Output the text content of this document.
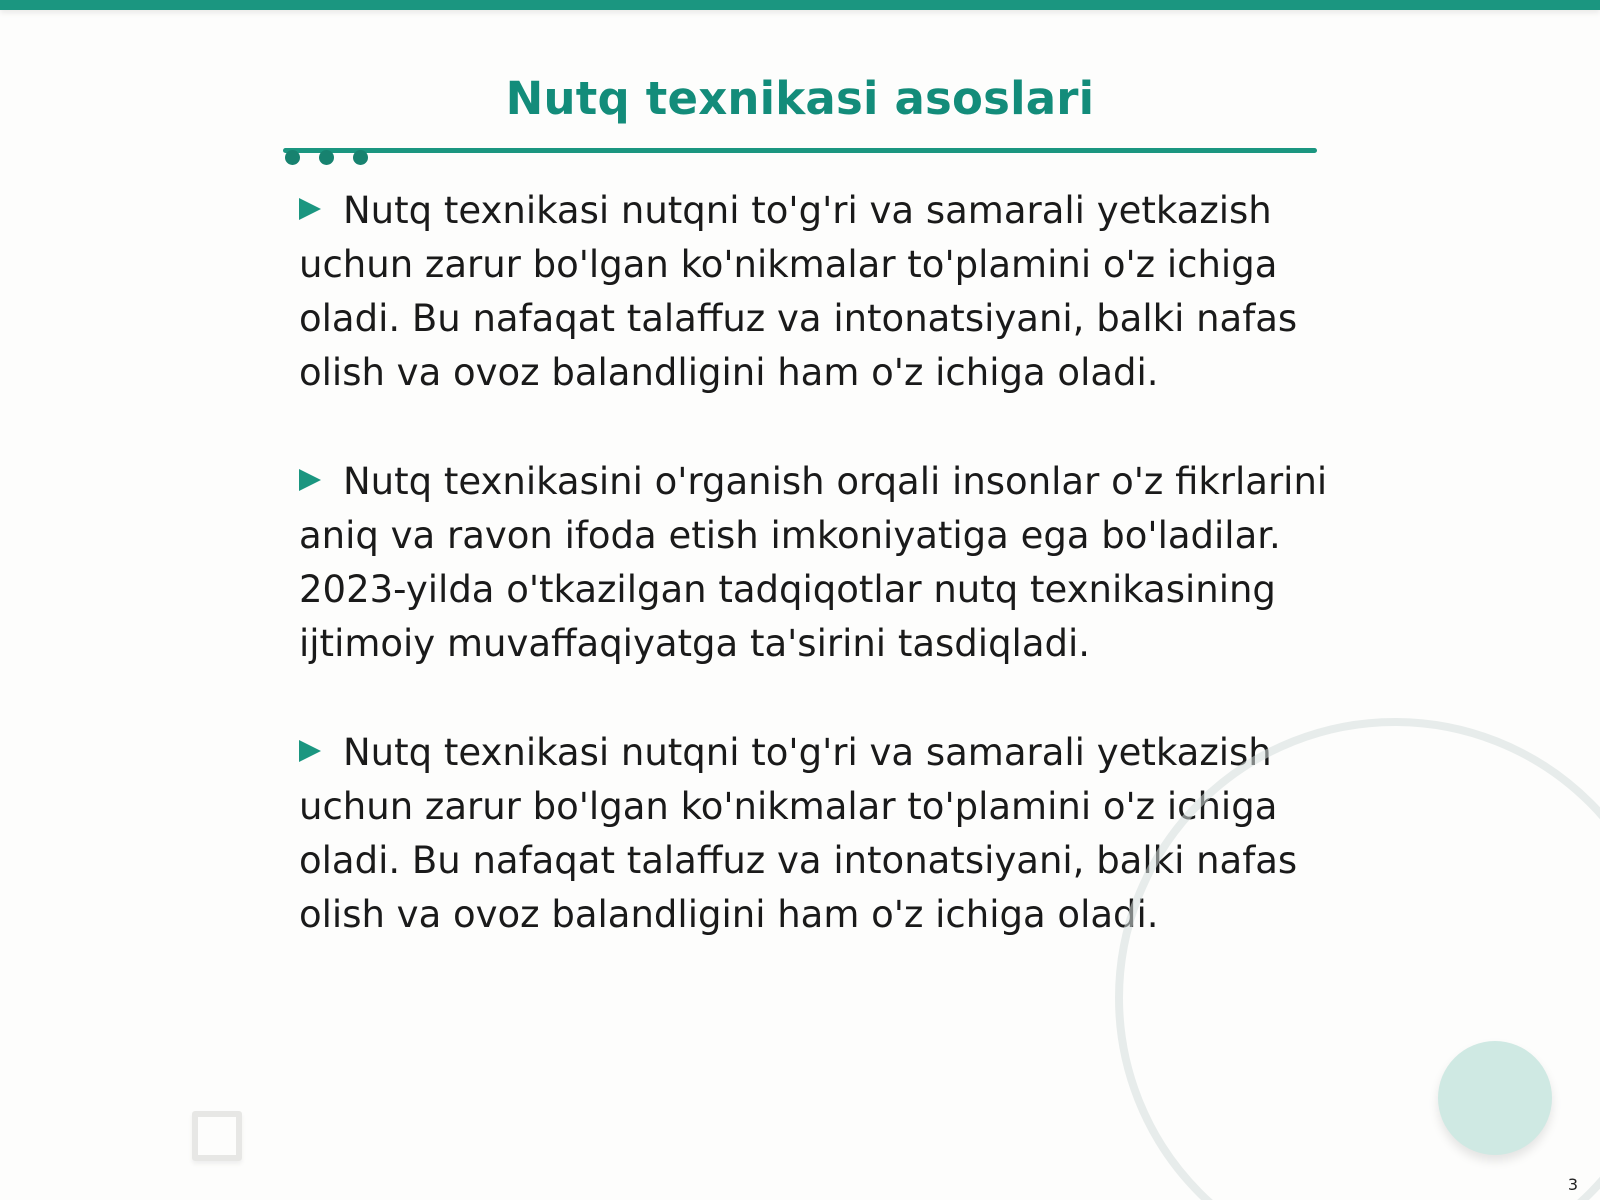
Nutq texnikasi asoslari
Nutq texnikasi nutqni to'g'ri va samarali yetkazish uchun zarur bo'lgan ko'nikmalar to'plamini o'z ichiga oladi. Bu nafaqat talaffuz va intonatsiyani, balki nafas olish va ovoz balandligini ham o'z ichiga oladi.
Nutq texnikasini o'rganish orqali insonlar o'z fikrlarini aniq va ravon ifoda etish imkoniyatiga ega bo'ladilar. 2023-yilda o'tkazilgan tadqiqotlar nutq texnikasining ijtimoiy muvaffaqiyatga ta'sirini tasdiqladi.
Nutq texnikasi nutqni to'g'ri va samarali yetkazish uchun zarur bo'lgan ko'nikmalar to'plamini o'z ichiga oladi. Bu nafaqat talaffuz va intonatsiyani, balki nafas olish va ovoz balandligini ham o'z ichiga oladi.
3
